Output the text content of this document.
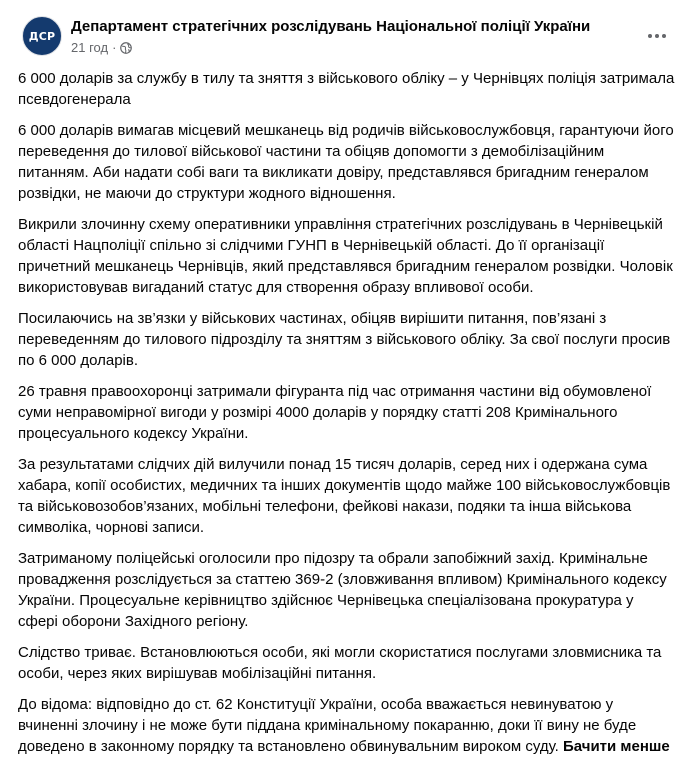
ДСР
Департамент стратегічних розслідувань Національної поліції України
21 год ·

6 000 доларів за службу в тилу та зняття з військового обліку – у Чернівцях поліція затримала псевдогенерала

6 000 доларів вимагав місцевий мешканець від родичів військовослужбовця, гарантуючи його переведення до тилової військової частини та обіцяв допомогти з демобілізаційним питанням. Аби надати собі ваги та викликати довіру, представлявся бригадним генералом розвідки, не маючи до структури жодного відношення.

Викрили злочинну схему оперативники управління стратегічних розслідувань в Чернівецькій області Нацполіції спільно зі слідчими ГУНП в Чернівецькій області. До її організації причетний мешканець Чернівців, який представлявся бригадним генералом розвідки. Чоловік використовував вигаданий статус для створення образу впливової особи.

Посилаючись на зв’язки у військових частинах, обіцяв вирішити питання, пов’язані з переведенням до тилового підрозділу та зняттям з військового обліку. За свої послуги просив по 6 000 доларів.

26 травня правоохоронці затримали фігуранта під час отримання частини від обумовленої суми неправомірної вигоди у розмірі 4000 доларів у порядку статті 208 Кримінального процесуального кодексу України.

За результатами слідчих дій вилучили понад 15 тисяч доларів, серед них і одержана сума хабара, копії особистих, медичних та інших документів щодо майже 100 військовослужбовців та військовозобов’язаних, мобільні телефони, фейкові накази, подяки та інша військова символіка, чорнові записи.

Затриманому поліцейські оголосили про підозру та обрали запобіжний захід. Кримінальне провадження розслідується за статтею 369-2 (зловживання впливом) Кримінального кодексу України. Процесуальне керівництво здійснює Чернівецька спеціалізована прокуратура у сфері оборони Західного регіону.

Слідство триває. Встановлюються особи, які могли скористатися послугами зловмисника та особи, через яких вирішував мобілізаційні питання.

До відома: відповідно до ст. 62 Конституції України, особа вважається невинуватою у вчиненні злочину і не може бути піддана кримінальному покаранню, доки її вину не буде доведено в законному порядку та встановлено обвинувальним вироком суду. Бачити менше
